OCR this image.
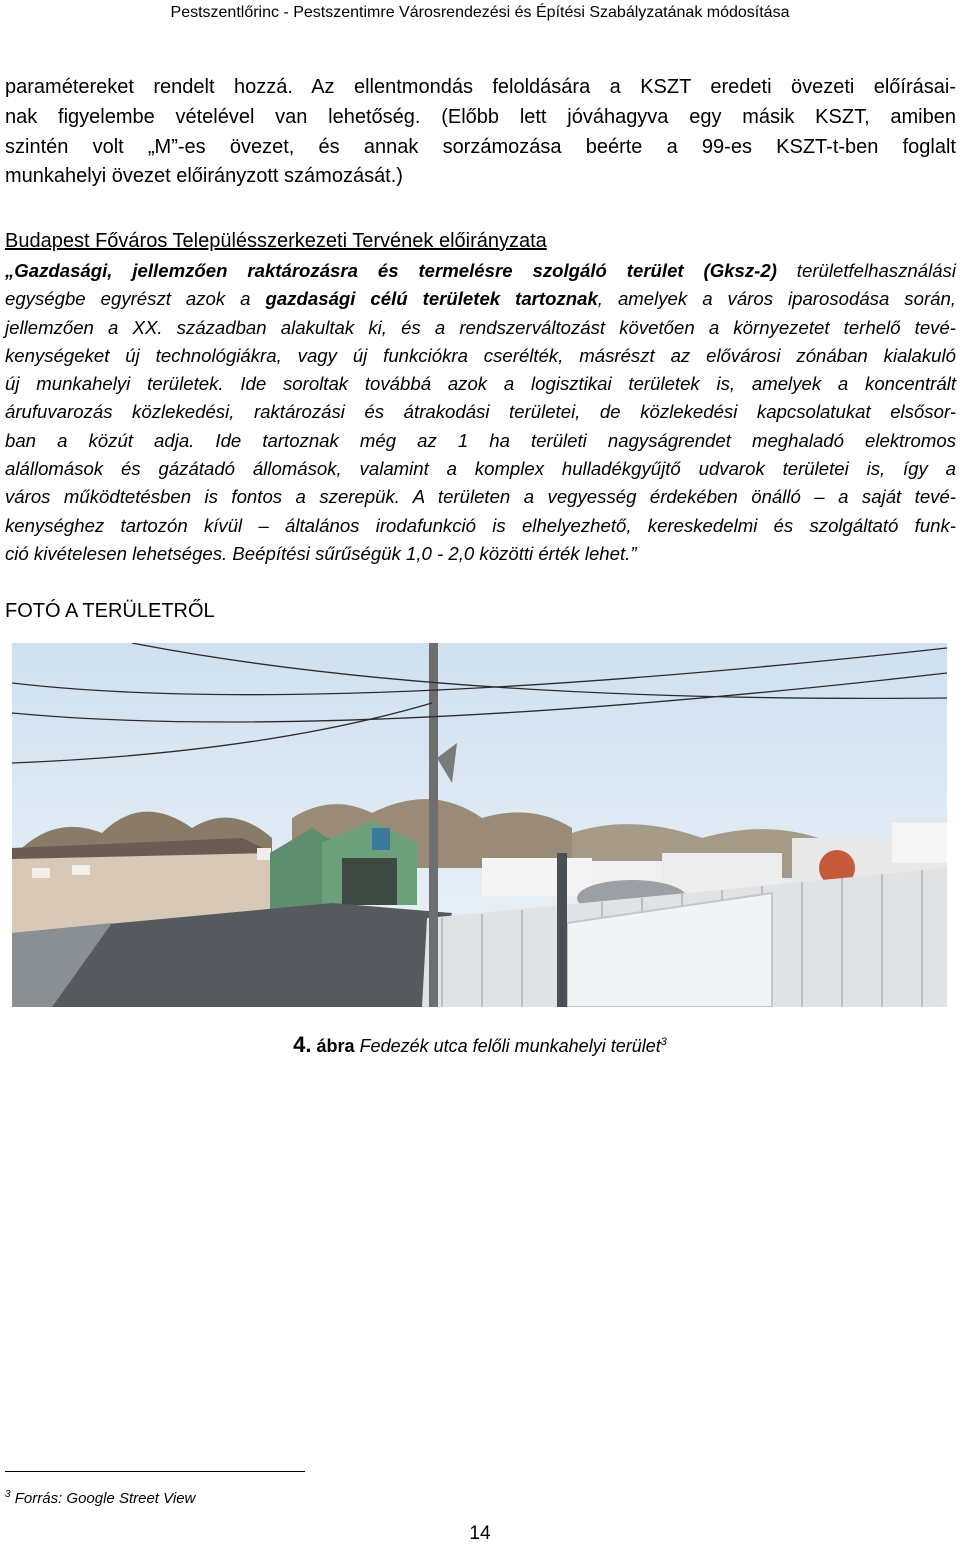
Pestszentlőrinc - Pestszentimre Városrendezési és Építési Szabályzatának módosítása
paramétereket rendelt hozzá. Az ellentmondás feloldására a KSZT eredeti övezeti előírásai-
nak figyelembe vételével van lehetőség. (Előbb lett jóváhagyva egy másik KSZT, amiben
szintén volt „M”-es övezet, és annak sorzámozása beérte a 99-es KSZT-t-ben foglalt
munkahelyi övezet előirányzott számozását.)
Budapest Főváros Településszerkezeti Tervének előirányzata
„Gazdasági, jellemzően raktározásra és termelésre szolgáló terület (Gksz-2) területfelhasználási
egységbe egyrészt azok a gazdasági célú területek tartoznak, amelyek a város iparosodása során,
jellemzően a XX. században alakultak ki, és a rendszerváltozást követően a környezetet terhelő tevé-
kenységeket új technológiákra, vagy új funkciókra cserélték, másrészt az elővárosi zónában kialakuló
új munkahelyi területek. Ide soroltak továbbá azok a logisztikai területek is, amelyek a koncentrált
árufuvarozás közlekedési, raktározási és átrakodási területei, de közlekedési kapcsolatukat elsősor-
ban a közút adja. Ide tartoznak még az 1 ha területi nagyságrendet meghaladó elektromos
alállomások és gázátadó állomások, valamint a komplex hulladékgyűjtő udvarok területei is, így a
város működtetésben is fontos a szerepük. A területen a vegyesség érdekében önálló – a saját tevé-
kenységhez tartozón kívül – általános irodafunkció is elhelyezhető, kereskedelmi és szolgáltató funk-
ció kivételesen lehetséges. Beépítési sűrűségük 1,0 - 2,0 közötti érték lehet.”
FOTÓ A TERÜLETRŐL
4. ábra Fedezék utca felőli munkahelyi terület$^3$
$^3$ Forrás: Google Street View
14
